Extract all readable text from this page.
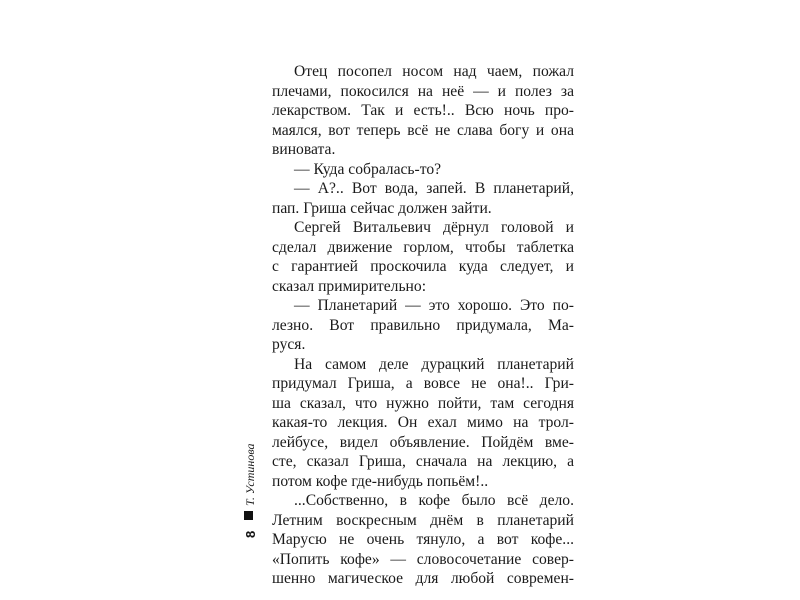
Отец посопел носом над чаем, пожал
плечами, покосился на неё — и полез за
лекарством. Так и есть!.. Всю ночь про-
маялся, вот теперь всё не слава богу и она
виновата.
— Куда собралась-то?
— А?.. Вот вода, запей. В планетарий,
пап. Гриша сейчас должен зайти.
Сергей Витальевич дёрнул головой и
сделал движение горлом, чтобы таблетка
с гарантией проскочила куда следует, и
сказал примирительно:
— Планетарий — это хорошо. Это по-
лезно. Вот правильно придумала, Ма-
руся.
На самом деле дурацкий планетарий
придумал Гриша, а вовсе не она!.. Гри-
ша сказал, что нужно пойти, там сегодня
какая-то лекция. Он ехал мимо на трол-
лейбусе, видел объявление. Пойдём вме-
сте, сказал Гриша, сначала на лекцию, а
потом кофе где-нибудь попьём!..
...Собственно, в кофе было всё дело.
Летним воскресным днём в планетарий
Марусю не очень тянуло, а вот кофе...
«Попить кофе» — словосочетание совер-
шенно магическое для любой современ-
Т. Устинова
8
